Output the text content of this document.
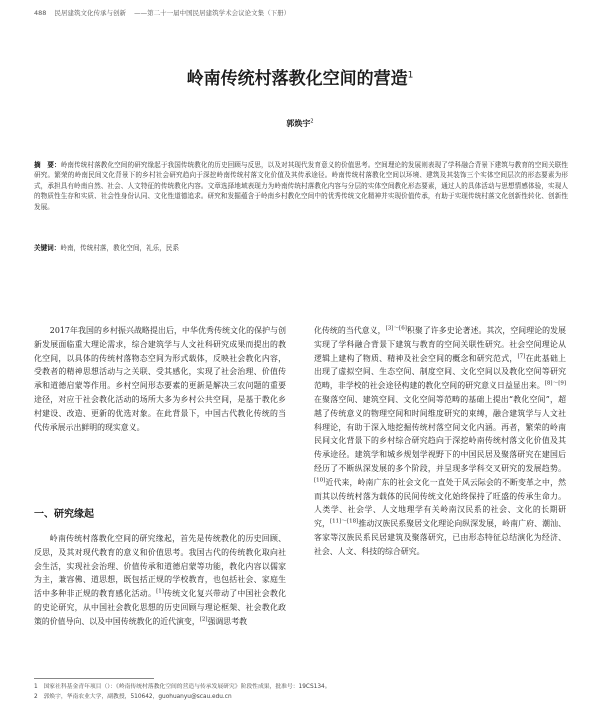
488 民居建筑文化传承与创新 ——第二十一届中国民居建筑学术会议论文集（下册）
岭南传统村落教化空间的营造$^1$
郭焕宇$^2$
摘　要：岭南传统村落教化空间的研究缘起于我国传统教化的历史回顾与反思，以及对其现代发育意义的价值思考。空间理论的发展则表现了学科融合背景下建筑与教育的空间关联性研究。繁荣的岭南民间文化背景下的乡村社会研究趋向于深挖岭南传统村落文化价值及其传承途径。岭南传统村落教化空间以环境、建筑及其装饰三个实体空间层次的形态要素为形式，承担具有岭南自然、社会、人文特征的传统教化内容。文章选择地域表现力为岭南传统村落教化内容与分层的实体空间教化形态要素，通过人的具体活动与思想情感体验，实现人的物质性生存和实质、社会性身份认同、文化性道德追求。研究和发掘蕴含于岭南乡村教化空间中的优秀传统文化精神并实现价值传承，有助于实现传统村落文化创新性转化、创新性发展。
关键词：岭南，传统村落，教化空间，礼乐，民系

2017年我国的乡村振兴战略提出后，中华优秀传统文化的保护与创新发展面临重大理论需求，综合建筑学与人文社科研究成果而提出的教化空间，以具体的传统村落物态空间为形式载体，反映社会教化内容，受教者的精神思想活动与之关联、受其感化，实现了社会治理、价值传承和道德启蒙等作用。乡村空间形态要素的更新是解决三农问题的重要途径，对应于社会教化活动的场所大多为乡村公共空间，是基于教化乡村建设、改造、更新的优选对象。在此背景下，中国古代教化传统的当代传承展示出鲜明的现实意义。

一、研究缘起

岭南传统村落教化空间的研究缘起，首先是传统教化的历史回顾、反思，及其对现代教育的意义和价值思考。我国古代的传统教化取向社会生活，实现社会治理、价值传承和道德启蒙等功能，教化内容以儒家为主，兼容佛、道思想，既包括正规的学校教育，也包括社会、家庭生活中多种非正规的教育感化活动。[1]传统文化复兴带动了中国社会教化的史论研究，从中国社会教化思想的历史回顾与理论框架、社会教化政策的价值导向、以及中国传统教化的近代演变，[2]强调思考教

化传统的当代意义，[3]～[6]积聚了许多史论著述。其次，空间理论的发展实现了学科融合背景下建筑与教育的空间关联性研究。社会空间理论从逻辑上建构了物质、精神及社会空间的概念和研究范式，[7]在此基础上出现了虚拟空间、生态空间、制度空间、文化空间以及教化空间等研究范畴，非学校的社会途径构建的教化空间的研究意义日益显出来。[8]～[9]在聚落空间、建筑空间、文化空间等范畴的基础上提出“教化空间”，超越了传统意义的物理空间和时间维度研究的束缚，融合建筑学与人文社科理论，有助于深入地挖掘传统村落空间文化内涵。再者，繁荣的岭南民间文化背景下的乡村综合研究趋向于深挖岭南传统村落文化价值及其传承途径。建筑学和城乡规划学视野下的中国民居及聚落研究在建国后经历了不断纵深发展的多个阶段，并呈现多学科交叉研究的发展趋势。[10]近代来，岭南广东的社会文化一直处于风云际会的不断变革之中，然而其以传统村落为载体的民间传统文化始终保持了旺盛的传承生命力。人类学、社会学、人文地理学有关岭南汉民系的社会、文化的长期研究，[11]～[18]推动汉族民系聚居文化理论向纵深发展，岭南广府、潮汕、客家等汉族民系民居建筑及聚落研究，已由形态特征总结演化为经济、社会、人文、科技的综合研究。

1　国家社科基金青年项目（）：《岭南传统村落教化空间的营造与传承发展研究》阶段性成果，批准号：19CS134。
2　郭焕宇，华南农业大学，副教授，510642，guohuanyu@scau.edu.cn
